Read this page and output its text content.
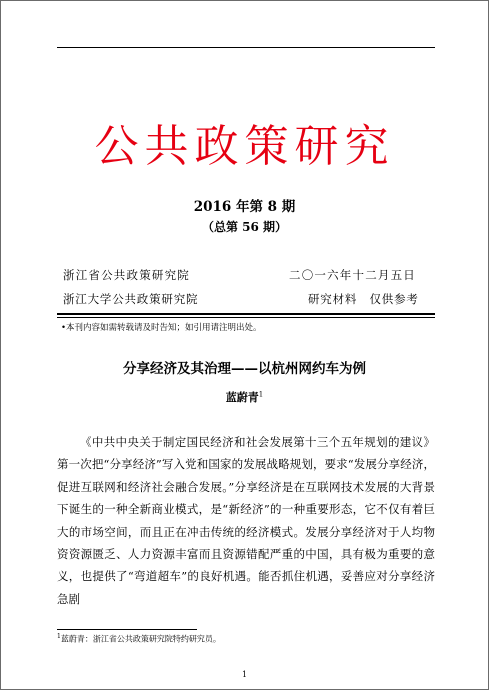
公共政策研究
2016 年第 8 期
（总第 56 期）
浙江省公共政策研究院	二〇一六年十二月五日
浙江大学公共政策研究院	研究材料　仅供参考
•本刊内容如需转载请及时告知；如引用请注明出处。
分享经济及其治理——以杭州网约车为例
蓝蔚青$^1$

《中共中央关于制定国民经济和社会发展第十三个五年规划的建议》第一次把“分享经济”写入党和国家的发展战略规划，要求“发展分享经济，促进互联网和经济社会融合发展。”分享经济是在互联网技术发展的大背景下诞生的一种全新商业模式，是“新经济”的一种重要形态，它不仅有着巨大的市场空间，而且正在冲击传统的经济模式。发展分享经济对于人均物资资源匮乏、人力资源丰富而且资源错配严重的中国，具有极为重要的意义，也提供了“弯道超车”的良好机遇。能否抓住机遇，妥善应对分享经济急剧

$^1$蓝蔚青：浙江省公共政策研究院特约研究员。
1
